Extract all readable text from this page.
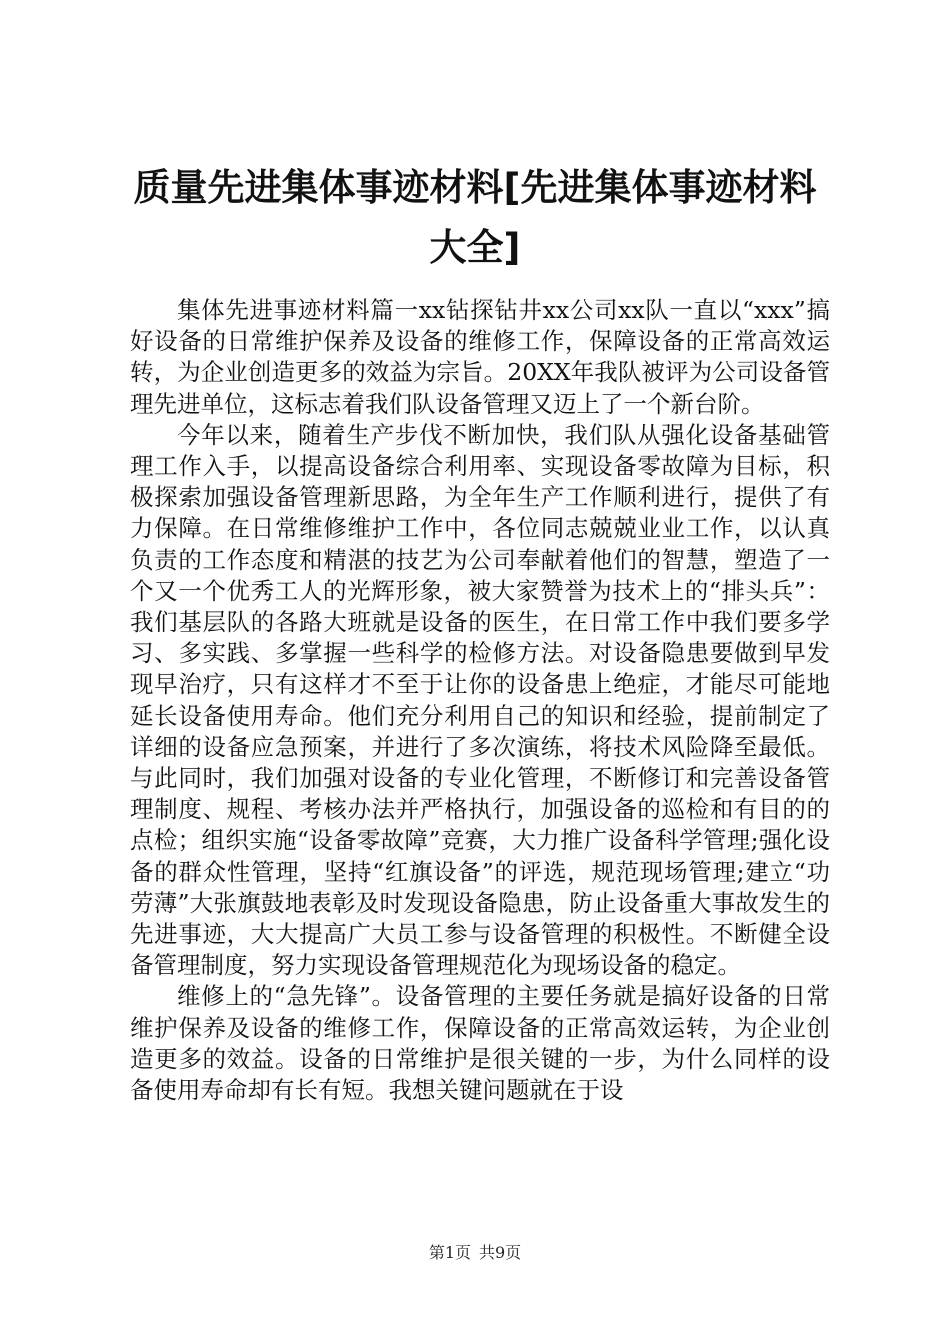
质量先进集体事迹材料[先进集体事迹材料大全]

集体先进事迹材料篇一xx钻探钻井xx公司xx队一直以“xxx”搞好设备的日常维护保养及设备的维修工作，保障设备的正常高效运转，为企业创造更多的效益为宗旨。20XX年我队被评为公司设备管理先进单位，这标志着我们队设备管理又迈上了一个新台阶。

今年以来，随着生产步伐不断加快，我们队从强化设备基础管理工作入手，以提高设备综合利用率、实现设备零故障为目标，积极探索加强设备管理新思路，为全年生产工作顺利进行，提供了有力保障。在日常维修维护工作中，各位同志兢兢业业工作，以认真负责的工作态度和精湛的技艺为公司奉献着他们的智慧，塑造了一个又一个优秀工人的光辉形象，被大家赞誉为技术上的“排头兵”：我们基层队的各路大班就是设备的医生，在日常工作中我们要多学习、多实践、多掌握一些科学的检修方法。对设备隐患要做到早发现早治疗，只有这样才不至于让你的设备患上绝症，才能尽可能地延长设备使用寿命。他们充分利用自己的知识和经验，提前制定了详细的设备应急预案，并进行了多次演练，将技术风险降至最低。与此同时，我们加强对设备的专业化管理，不断修订和完善设备管理制度、规程、考核办法并严格执行，加强设备的巡检和有目的的点检；组织实施“设备零故障”竞赛，大力推广设备科学管理;强化设备的群众性管理，坚持“红旗设备”的评选，规范现场管理;建立“功劳薄”大张旗鼓地表彰及时发现设备隐患，防止设备重大事故发生的先进事迹，大大提高广大员工参与设备管理的积极性。不断健全设备管理制度，努力实现设备管理规范化为现场设备的稳定。

维修上的“急先锋”。设备管理的主要任务就是搞好设备的日常维护保养及设备的维修工作，保障设备的正常高效运转，为企业创造更多的效益。设备的日常维护是很关键的一步，为什么同样的设备使用寿命却有长有短。我想关键问题就在于设

第1页 共9页
